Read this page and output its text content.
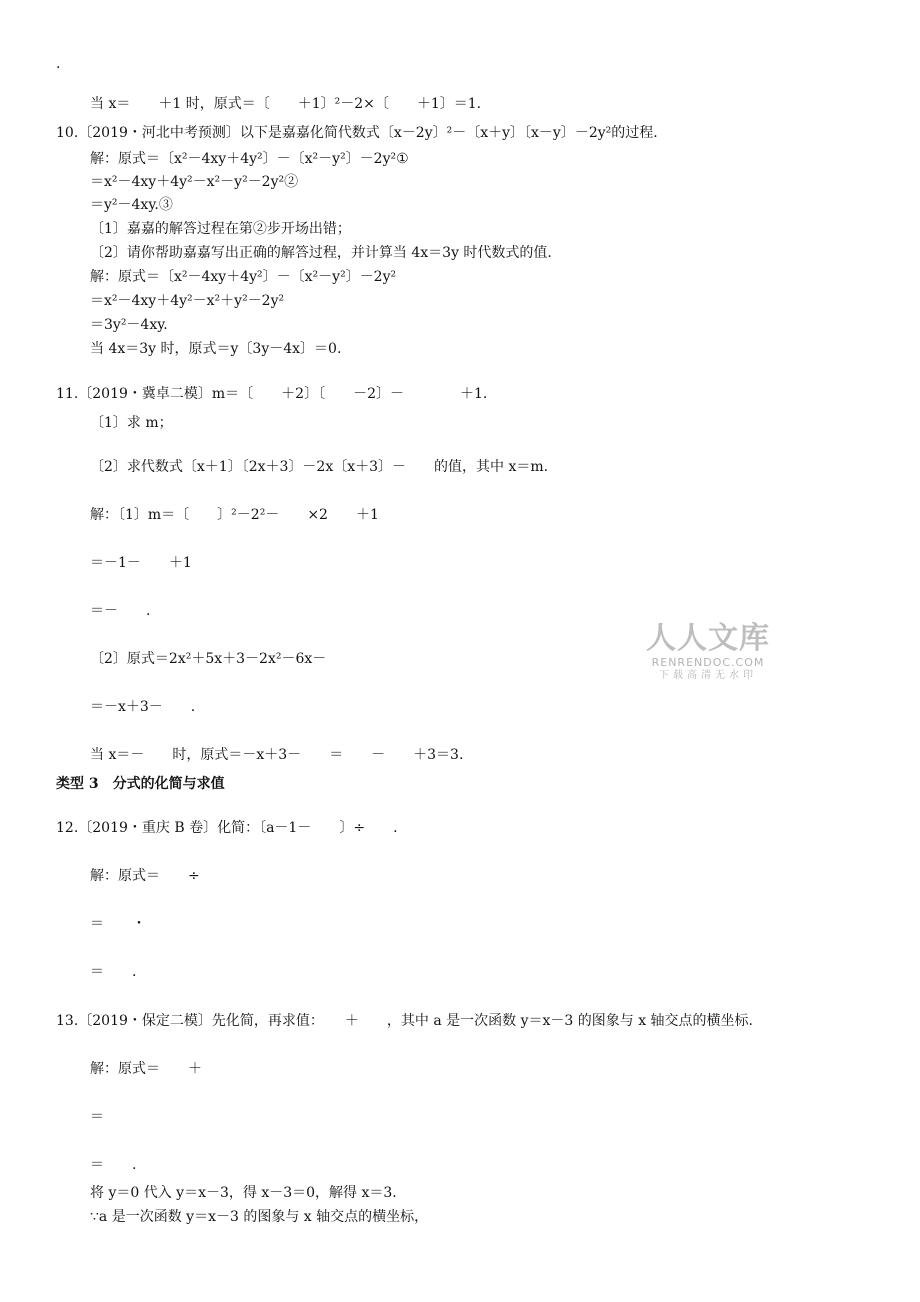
.
当 x＝　　＋1 时，原式＝〔　　＋1〕²－2×〔　　＋1〕＝1.
10.〔2019・河北中考预测〕以下是嘉嘉化简代数式〔x－2y〕²－〔x＋y〕〔x－y〕－2y²的过程.
解：原式＝〔x²－4xy＋4y²〕－〔x²－y²〕－2y²①
＝x²－4xy＋4y²－x²－y²－2y²②
＝y²－4xy.③
〔1〕嘉嘉的解答过程在第②步开场出错；
〔2〕请你帮助嘉嘉写出正确的解答过程，并计算当 4x＝3y 时代数式的值.
解：原式＝〔x²－4xy＋4y²〕－〔x²－y²〕－2y²
＝x²－4xy＋4y²－x²＋y²－2y²
＝3y²－4xy.
当 4x＝3y 时，原式＝y〔3y－4x〕＝0.
11.〔2019・冀卓二模〕m＝〔　　＋2〕〔　　－2〕－　　　　＋1.
〔1〕求 m；
〔2〕求代数式〔x＋1〕〔2x＋3〕－2x〔x＋3〕－　　的值，其中 x＝m.
解：〔1〕m＝〔　　〕²－2²－　　×2　　＋1
＝－1－　　＋1
＝－　　.
〔2〕原式＝2x²＋5x＋3－2x²－6x－
＝－x＋3－　　.
当 x＝－　　时，原式＝－x＋3－　　＝　　－　　＋3＝3.
类型 3　分式的化简与求值
12.〔2019・重庆 B 卷〕化简：〔a－1－　　〕÷　　.
解：原式＝　　÷
＝　　・
＝　　.
13.〔2019・保定二模〕先化简，再求值：　　＋　　，其中 a 是一次函数 y＝x－3 的图象与 x 轴交点的横坐标.
解：原式＝　　＋
＝
＝　　.
将 y＝0 代入 y＝x－3，得 x－3＝0，解得 x＝3.
∵a 是一次函数 y＝x－3 的图象与 x 轴交点的横坐标，
人人文库
RENRENDOC.COM
下载高清无水印
